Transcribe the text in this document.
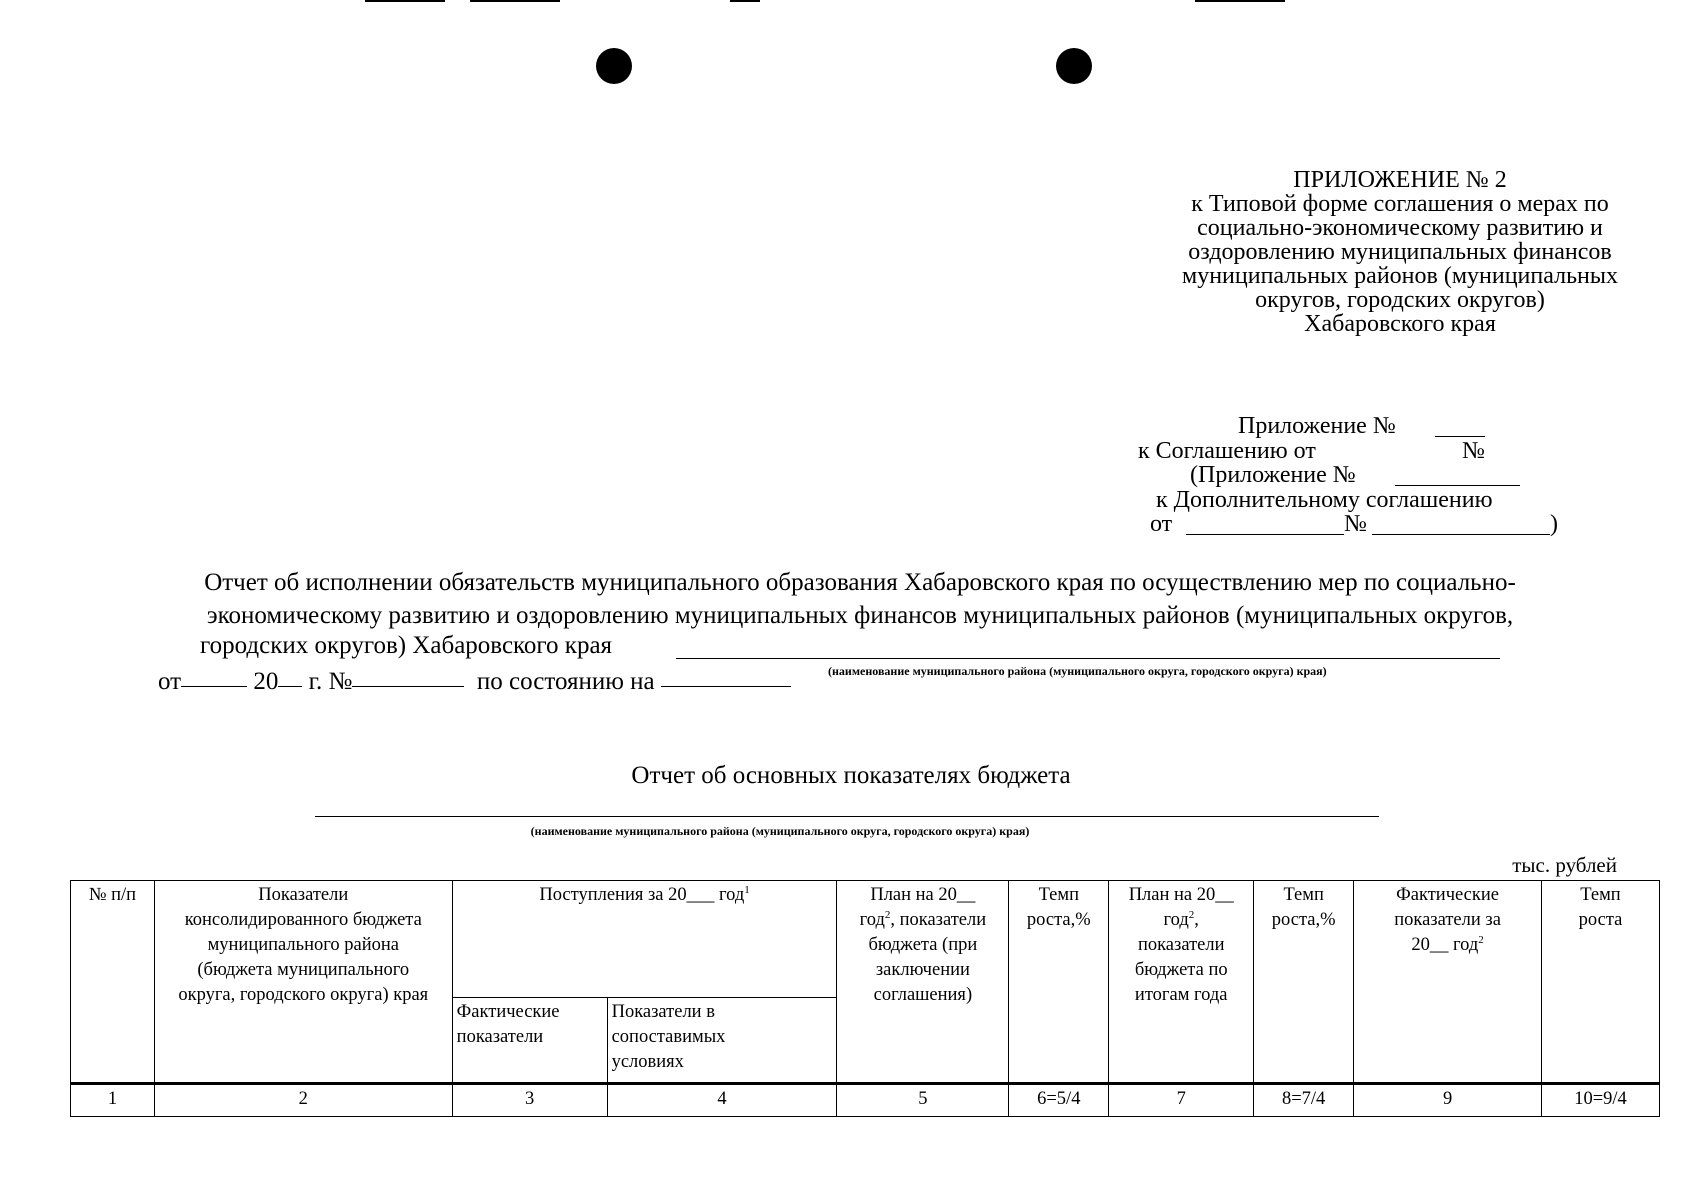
ПРИЛОЖЕНИЕ № 2
к Типовой форме соглашения о мерах по
социально-экономическому развитию и
оздоровлению муниципальных финансов
муниципальных районов (муниципальных
округов, городских округов)
Хабаровского края
Приложение №
к Соглашению от	№
(Приложение №
к Дополнительному соглашению
от	№	)
Отчет об исполнении обязательств муниципального образования Хабаровского края по осуществлению мер по социально-
экономическому развитию и оздоровлению муниципальных финансов муниципальных районов (муниципальных округов,
городских округов) Хабаровского края
от	20 г. №	по состоянию на	(наименование муниципального района (муниципального округа, городского округа) края)
Отчет об основных показателях бюджета
(наименование муниципального района (муниципального округа, городского округа) края)
тыс. рублей
№ п/п	Показатели консолидированного бюджета муниципального района (бюджета муниципального округа, городского округа) края	Поступления за 20___ год$^1$		План на 20__ год$^2$, показатели бюджета (при заключении соглашения)	Темп роста,%	План на 20__ год$^2$, показатели бюджета по итогам года	Темп роста,%	Фактические показатели за 20__ год$^2$	Темп роста
		Фактические показатели	Показатели в сопоставимых условиях						
1	2	3	4	5	6=5/4	7	8=7/4	9	10=9/4
